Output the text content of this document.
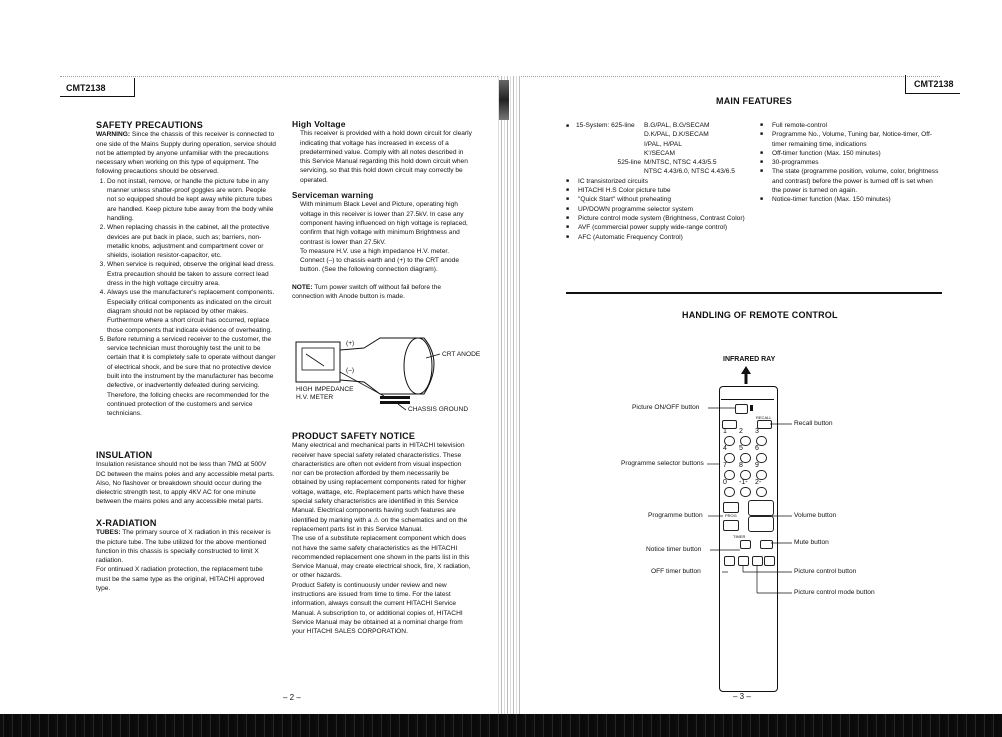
CMT2138	CMT2138
SAFETY PRECAUTIONS

WARNING: Since the chassis of this receiver is connected to one side of the Mains Supply during operation, service should not be attempted by anyone unfamiliar with the precautions necessary when working on this type of equipment. The following precautions should be observed.

1. Do not install, remove, or handle the picture tube in any manner unless shatter-proof goggles are worn. People not so equipped should be kept away while picture tubes are handled. Keep picture tube away from the body while handling.
2. When replacing chassis in the cabinet, all the protective devices are put back in place, such as; barriers, non-metallic knobs, adjustment and compartment cover or shields, isolation resistor-capacitor, etc.
3. When service is required, observe the original lead dress. Extra precaution should be taken to assure correct lead dress in the high voltage circuitry area.
4. Always use the manufacturer's replacement components. Especially critical components as indicated on the circuit diagram should not be replaced by other makes. Furthermore where a short circuit has occurred, replace those components that indicate evidence of overheating.
5. Before returning a serviced receiver to the customer, the service technician must thoroughly test the unit to be certain that it is completely safe to operate without danger of electrical shock, and be sure that no protective device built into the instrument by the manufacturer has become defective, or inadvertently defeated during servicing.

Therefore, the follcing checks are recommended for the continued protection of the customers and service technicians.

INSULATION

Insulation resistance should not be less than 7MΩ at 500V DC between the mains poles and any accessible metal parts. Also, No flashover or breakdown should occur during the dielectric strength test, to apply 4KV AC for one minute between the mains poles and any accessible metal parts.

X-RADIATION

TUBES: The primary source of X radiation in this receiver is the picture tube. The tube utilized for the above mentioned function in this chassis is specially constructed to limit X radiation.

For ontinued X radiation protection, the replacement tube must be the same type as the original, HITACHI approved type.

High Voltage

This receiver is provided with a hold down circuit for clearly indicating that voltage has increased in excess of a predetermined value. Comply with all notes described in this Service Manual regarding this hold down circuit when servicing, so that this hold down circuit may correctly be operated.

Serviceman warning

With minimum Black Level and Picture, operating high voltage in this receiver is lower than 27.5kV. In case any component having influenced on high voltage is replaced, confirm that high voltage with minimum Brightness and contrast is lower than 27.5kV.

To measure H.V. use a high impedance H.V. meter. Connect (–) to chassis earth and (+) to the CRT anode button. (See the following connection diagram).

NOTE: Turn power switch off without fail before the connection with Anode button is made.

(+)
(–)
CRT ANODE
HIGH IMPEDANCE
H.V. METER
CHASSIS GROUND
PRODUCT SAFETY NOTICE

Many electrical and mechanical parts in HITACHI television receiver have special safety related characteristics. These characteristics are often not evident from visual inspection nor can be protection afforded by them necessarily be obtained by using replacement components rated for higher voltage, wattage, etc. Replacement parts which have these special safety characteristics are identified in this Service Manual. Electrical components having such features are identified by marking with a ⚠ on the schematics and on the replacement parts list in this Service Manual.

The use of a substitute replacement component which does not have the same safety characteristics as the HITACHI recommended replacement one shown in the parts list in this Service Manual, may create electrical shock, fire, X radiation, or other hazards.

Product Safety is continuously under review and new instructions are issued from time to time. For the latest information, always consult the current HITACHI Service Manual. A subscription to, or additional copies of, HITACHI Service Manual may be obtained at a nominal charge from your HITACHI SALES CORPORATION.

– 2 –	– 3 –
MAIN FEATURES
■	15-System: 625-line	B.G/PAL, B.G/SECAM
D.K/PAL, D.K/SECAM
I/PAL, H/PAL
K'/SECAM

	525-line	M/NTSC, NTSC 4.43/5.5
NTSC 4.43/6.0, NTSC 4.43/6.5
■ IC transistorized circuits
■ HITACHI H.S Color picture tube
■ "Quick Start" without preheating
■ UP/DOWN programme selector system
■ Picture control mode system (Brightness, Contrast Color)
■ AVF (commercial power supply wide-range control)
■ AFC (Automatic Frequency Control)
■ Full remote-control
■ Programme No., Volume, Tuning bar, Notice-timer, Off-timer remaining time, indications
■ Off-timer function (Max. 150 minutes)
■ 30-programmes
■ The state (programme position, volume, color, brightness and contrast) before the power is turned off is set when the power is turned on again.
■ Notice-timer function (Max. 150 minutes)
HANDLING OF REMOTE CONTROL
INFRARED RAY
RECALL
1 2 3
4 5 6
7 8 9
0 -1- 2-
PROG
TIMER
Picture ON/OFF button
Recall button
Programme selector buttons
Programme button	Volume button
Mute button
Notice timer button
OFF timer button	Picture control button
Picture control mode button
